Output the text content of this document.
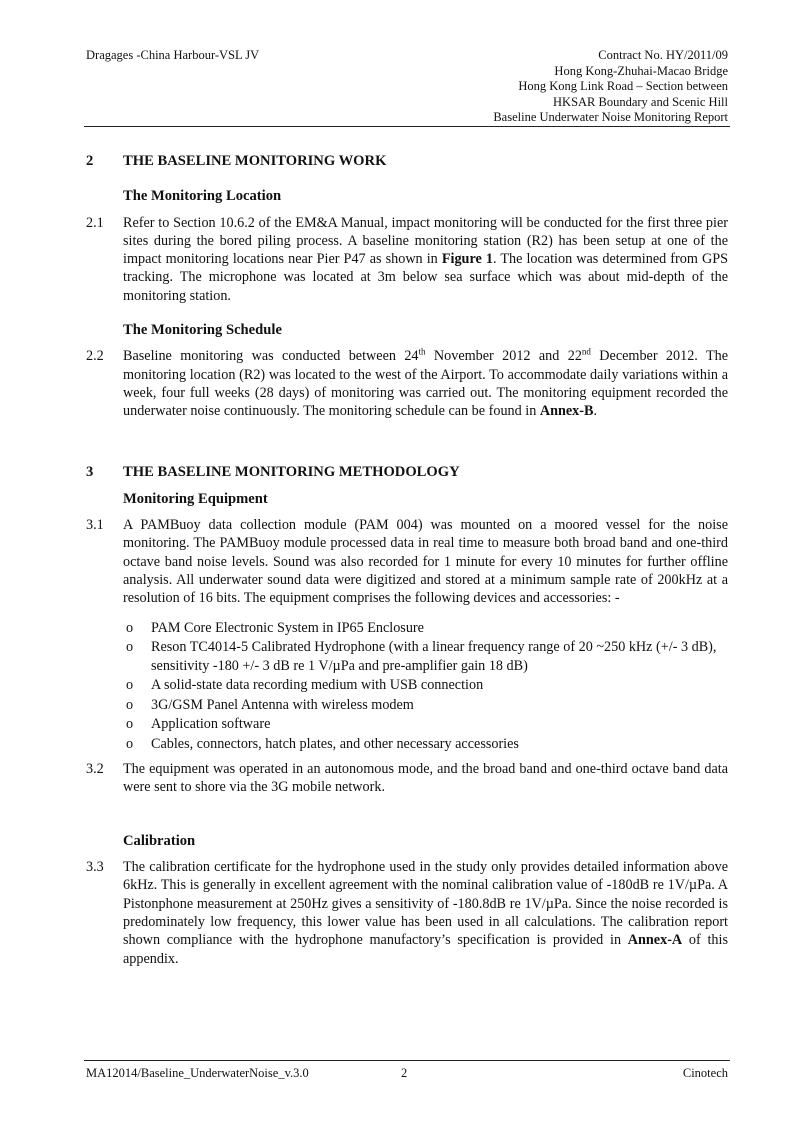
Dragages -China Harbour-VSL JV	Contract No. HY/2011/09
Hong Kong-Zhuhai-Macao Bridge
Hong Kong Link Road – Section between
HKSAR Boundary and Scenic Hill
Baseline Underwater Noise Monitoring Report
2	THE BASELINE MONITORING WORK
The Monitoring Location
2.1	Refer to Section 10.6.2 of the EM&A Manual, impact monitoring will be conducted for the first three pier sites during the bored piling process. A baseline monitoring station (R2) has been setup at one of the impact monitoring locations near Pier P47 as shown in Figure 1. The location was determined from GPS tracking. The microphone was located at 3m below sea surface which was about mid-depth of the monitoring station.
The Monitoring Schedule
2.2	Baseline monitoring was conducted between 24th November 2012 and 22nd December 2012. The monitoring location (R2) was located to the west of the Airport. To accommodate daily variations within a week, four full weeks (28 days) of monitoring was carried out. The monitoring equipment recorded the underwater noise continuously. The monitoring schedule can be found in Annex-B.
3	THE BASELINE MONITORING METHODOLOGY
Monitoring Equipment
3.1	A PAMBuoy data collection module (PAM 004) was mounted on a moored vessel for the noise monitoring. The PAMBuoy module processed data in real time to measure both broad band and one-third octave band noise levels. Sound was also recorded for 1 minute for every 10 minutes for further offline analysis. All underwater sound data were digitized and stored at a minimum sample rate of 200kHz at a resolution of 16 bits. The equipment comprises the following devices and accessories: -
o	PAM Core Electronic System in IP65 Enclosure
o	Reson TC4014-5 Calibrated Hydrophone (with a linear frequency range of 20 ~250 kHz (+/- 3 dB), sensitivity -180 +/- 3 dB re 1 V/µPa and pre-amplifier gain 18 dB)
o	A solid-state data recording medium with USB connection
o	3G/GSM Panel Antenna with wireless modem
o	Application software
o	Cables, connectors, hatch plates, and other necessary accessories
3.2	The equipment was operated in an autonomous mode, and the broad band and one-third octave band data were sent to shore via the 3G mobile network.
Calibration
3.3	The calibration certificate for the hydrophone used in the study only provides detailed information above 6kHz. This is generally in excellent agreement with the nominal calibration value of -180dB re 1V/µPa. A Pistonphone measurement at 250Hz gives a sensitivity of -180.8dB re 1V/µPa. Since the noise recorded is predominately low frequency, this lower value has been used in all calculations. The calibration report shown compliance with the hydrophone manufactory’s specification is provided in Annex-A of this appendix.
MA12014/Baseline_UnderwaterNoise_v.3.0	2	Cinotech
